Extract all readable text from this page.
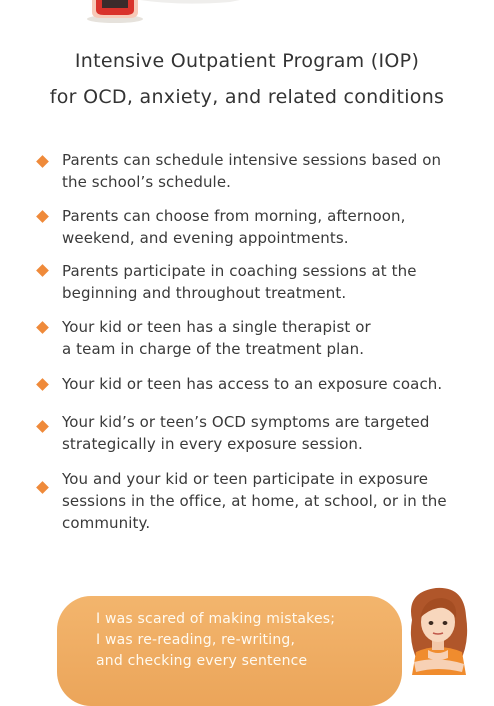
Intensive Outpatient Program (IOP)
for OCD, anxiety, and related conditions
Parents can schedule intensive sessions based on
the school’s schedule.
Parents can choose from morning, afternoon,
weekend, and evening appointments.
Parents participate in coaching sessions at the
beginning and throughout treatment.
Your kid or teen has a single therapist or
a team in charge of the treatment plan.
Your kid or teen has access to an exposure coach.
Your kid’s or teen’s OCD symptoms are targeted
strategically in every exposure session.
You and your kid or teen participate in exposure
sessions in the office, at home, at school, or in the
community.
I was scared of making mistakes;
I was re-reading, re-writing,
and checking every sentence
